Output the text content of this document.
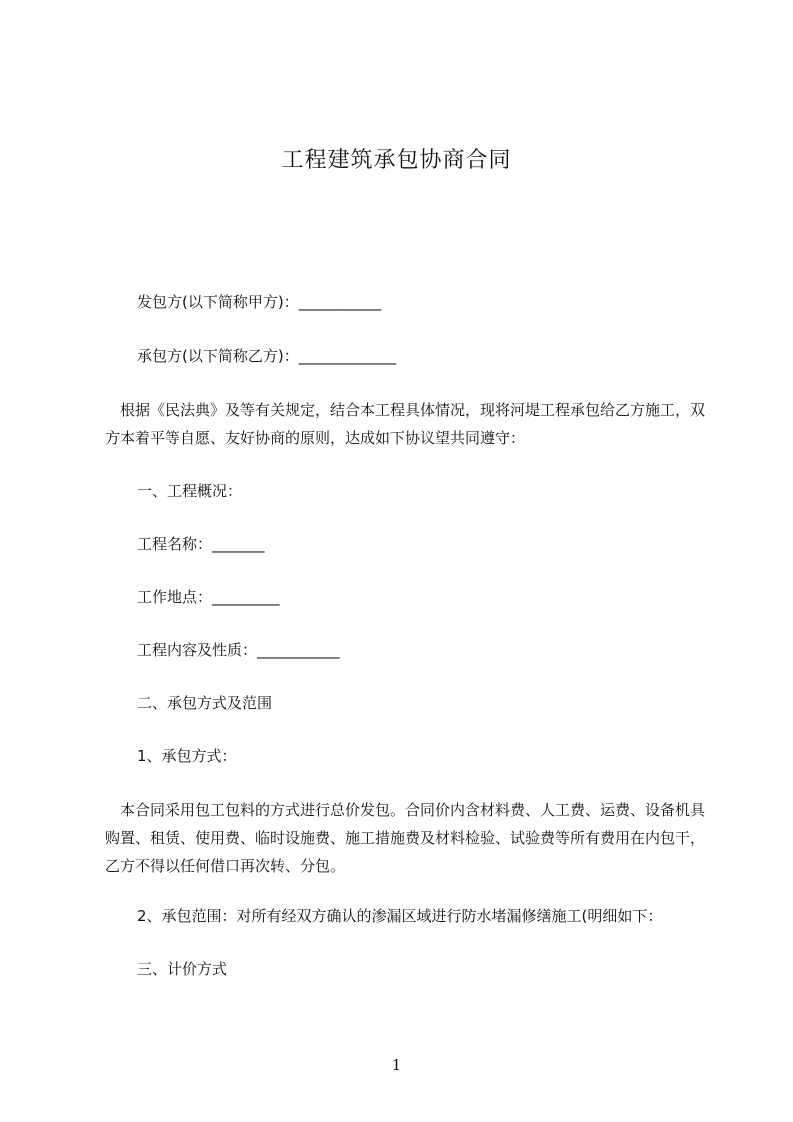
工程建筑承包协商合同
发包方(以下简称甲方)：___________
承包方(以下简称乙方)：_____________
　根据《民法典》及等有关规定，结合本工程具体情况，现将河堤工程承包给乙方施工，双方本着平等自愿、友好协商的原则，达成如下协议望共同遵守：
一、工程概况：
工程名称：_______
工作地点：_________
工程内容及性质：___________
二、承包方式及范围
1、承包方式：
　本合同采用包工包料的方式进行总价发包。合同价内含材料费、人工费、运费、设备机具购置、租赁、使用费、临时设施费、施工措施费及材料检验、试验费等所有费用在内包干，乙方不得以任何借口再次转、分包。
2、承包范围：对所有经双方确认的渗漏区域进行防水堵漏修缮施工(明细如下：
三、计价方式
1
